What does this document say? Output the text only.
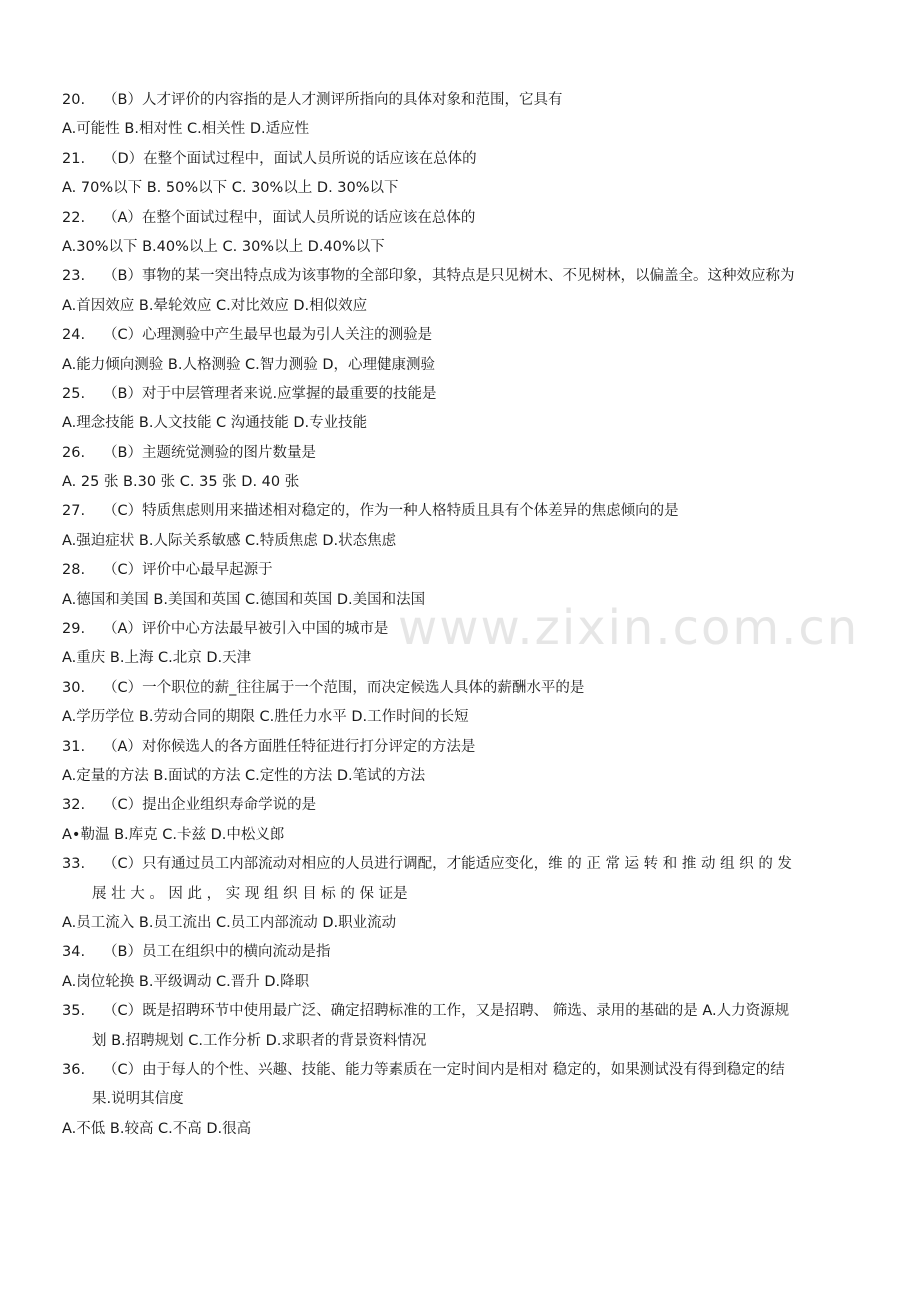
www.zixin.com.cn
20.	（B）人才评价的内容指的是人才测评所指向的具体对象和范围，它具有
A.可能性 B.相对性 C.相关性 D.适应性
21.	（D）在整个面试过程中，面试人员所说的话应该在总体的
A. 70%以下 B. 50%以下 C. 30%以上 D. 30%以下
22.	（A）在整个面试过程中，面试人员所说的话应该在总体的
A.30%以下 B.40%以上 C. 30%以上 D.40%以下
23.	（B）事物的某一突出特点成为该事物的全部印象，其特点是只见树木、不见树林，以偏盖全。这种效应称为
A.首因效应 B.晕轮效应 C.对比效应 D.相似效应
24.	（C）心理测验中产生最早也最为引人关注的测验是
A.能力倾向测验 B.人格测验 C.智力测验 D，心理健康测验
25.	（B）对于中层管理者来说.应掌握的最重要的技能是
A.理念技能 B.人文技能 C 沟通技能 D.专业技能
26.	（B）主题统觉测验的图片数量是
A. 25 张 B.30 张 C. 35 张 D. 40 张
27.	（C）特质焦虑则用来描述相对稳定的，作为一种人格特质且具有个体差异的焦虑倾向的是
A.强迫症状 B.人际关系敏感 C.特质焦虑 D.状态焦虑
28.	（C）评价中心最早起源于
A.德国和美国 B.美国和英国 C.德国和英国 D.美国和法国
29.	（A）评价中心方法最早被引入中国的城市是
A.重庆 B.上海 C.北京 D.天津
30.	（C）一个职位的薪_往往属于一个范围，而决定候选人具体的薪酬水平的是
A.学历学位 B.劳动合同的期限 C.胜任力水平 D.工作时间的长短
31.	（A）对你候选人的各方面胜任特征进行打分评定的方法是
A.定量的方法 B.面试的方法 C.定性的方法 D.笔试的方法
32.	（C）提出企业组织寿命学说的是
A•勒温 B.库克 C.卡兹 D.中松义郎
33.	（C）只有通过员工内部流动对相应的人员进行调配，才能适应变化，维 的 正 常 运 转 和 推 动 组 织 的 发
展 壮 大 。 因 此 ， 实 现 组 织 目 标 的 保 证是
A.员工流入 B.员工流出 C.员工内部流动 D.职业流动
34.	（B）员工在组织中的横向流动是指
A.岗位轮换 B.平级调动 C.晋升 D.降职
35.	（C）既是招聘环节中使用最广泛、确定招聘标准的工作，又是招聘、 筛选、录用的基础的是 A.人力资源规
划 B.招聘规划 C.工作分析 D.求职者的背景资料情况
36.	（C）由于每人的个性、兴趣、技能、能力等素质在一定时间内是相对 稳定的，如果测试没有得到稳定的结
果.说明其信度
A.不低 B.较高 C.不高 D.很高
